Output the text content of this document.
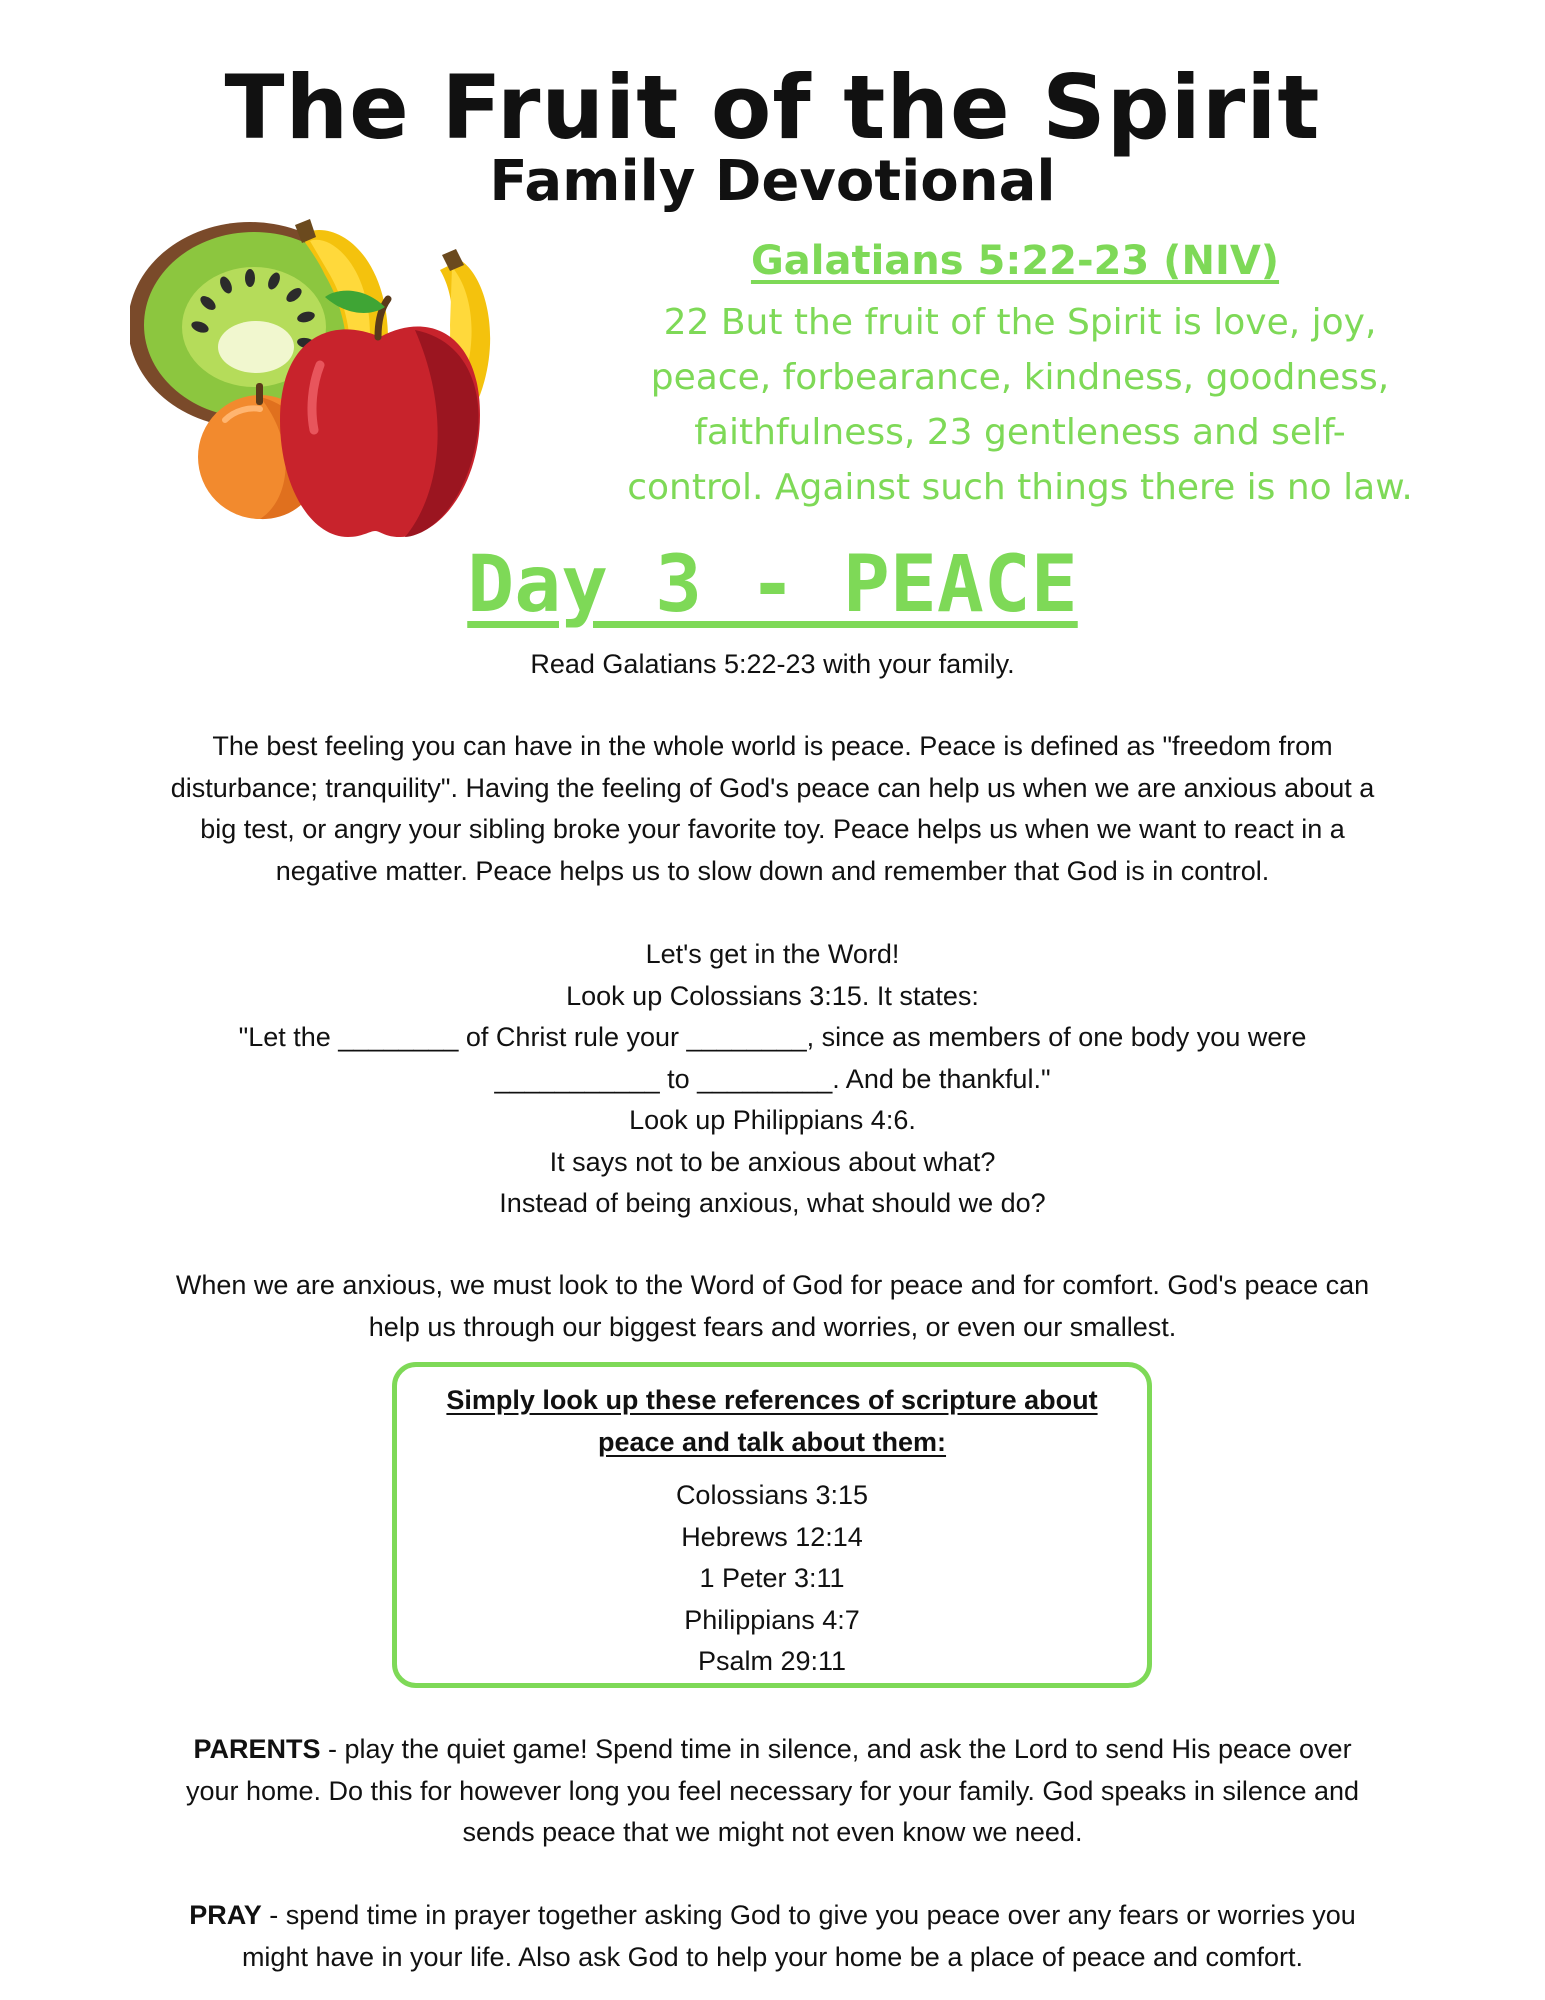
The Fruit of the Spirit
Family Devotional
Galatians 5:22-23 (NIV)
22 But the fruit of the Spirit is love, joy,
peace, forbearance, kindness, goodness,
faithfulness, 23 gentleness and self-
control. Against such things there is no law.
Day 3 - PEACE

Read Galatians 5:22-23 with your family.

The best feeling you can have in the whole world is peace. Peace is defined as "freedom from
disturbance; tranquility". Having the feeling of God's peace can help us when we are anxious about a
big test, or angry your sibling broke your favorite toy. Peace helps us when we want to react in a
negative matter. Peace helps us to slow down and remember that God is in control.
Let's get in the Word!
Look up Colossians 3:15. It states:
"Let the ________ of Christ rule your ________, since as members of one body you were
___________ to _________. And be thankful."
Look up Philippians 4:6.
It says not to be anxious about what?
Instead of being anxious, what should we do?
When we are anxious, we must look to the Word of God for peace and for comfort. God's peace can
help us through our biggest fears and worries, or even our smallest.
Simply look up these references of scripture about
peace and talk about them:
Colossians 3:15
Hebrews 12:14
1 Peter 3:11
Philippians 4:7
Psalm 29:11
PARENTS - play the quiet game! Spend time in silence, and ask the Lord to send His peace over
your home. Do this for however long you feel necessary for your family. God speaks in silence and
sends peace that we might not even know we need.
PRAY - spend time in prayer together asking God to give you peace over any fears or worries you
might have in your life. Also ask God to help your home be a place of peace and comfort.
